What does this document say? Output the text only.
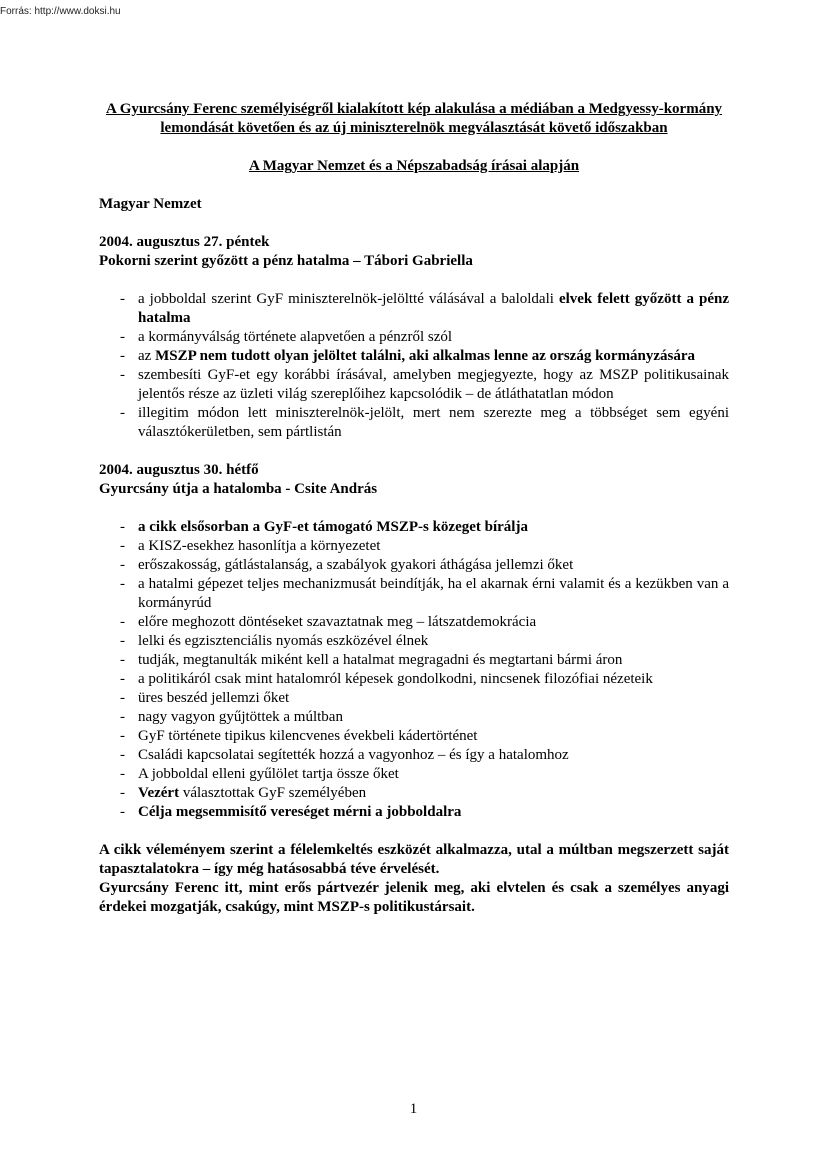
Forrás: http://www.doksi.hu
A Gyurcsány Ferenc személyiségről kialakított kép alakulása a médiában a Medgyessy-kormány lemondását követően és az új miniszterelnök megválasztását követő időszakban
A Magyar Nemzet és a Népszabadság írásai alapján
Magyar Nemzet
2004. augusztus 27. péntek
Pokorni szerint győzött a pénz hatalma – Tábori Gabriella
- a jobboldal szerint GyF miniszterelnök-jelöltté válásával a baloldali elvek felett győzött a pénz hatalma
- a kormányválság története alapvetően a pénzről szól
- az MSZP nem tudott olyan jelöltet találni, aki alkalmas lenne az ország kormányzására
- szembesíti GyF-et egy korábbi írásával, amelyben megjegyezte, hogy az MSZP politikusainak jelentős része az üzleti világ szereplőihez kapcsolódik – de átláthatatlan módon
- illegitim módon lett miniszterelnök-jelölt, mert nem szerezte meg a többséget sem egyéni választókerületben, sem pártlistán
2004. augusztus 30. hétfő
Gyurcsány útja a hatalomba - Csite András
- a cikk elsősorban a GyF-et támogató MSZP-s közeget bírálja
- a KISZ-esekhez hasonlítja a környezetet
- erőszakosság, gátlástalanság, a szabályok gyakori áthágása jellemzi őket
- a hatalmi gépezet teljes mechanizmusát beindítják, ha el akarnak érni valamit és a kezükben van a kormányrúd
- előre meghozott döntéseket szavaztatnak meg – látszatdemokrácia
- lelki és egzisztenciális nyomás eszközével élnek
- tudják, megtanulták miként kell a hatalmat megragadni és megtartani bármi áron
- a politikáról csak mint hatalomról képesek gondolkodni, nincsenek filozófiai nézeteik
- üres beszéd jellemzi őket
- nagy vagyon gyűjtöttek a múltban
- GyF története tipikus kilencvenes évekbeli kádertörténet
- Családi kapcsolatai segítették hozzá a vagyonhoz – és így a hatalomhoz
- A jobboldal elleni gyűlölet tartja össze őket
- Vezért választottak GyF személyében
- Célja megsemmisítő vereséget mérni a jobboldalra
A cikk véleményem szerint a félelemkeltés eszközét alkalmazza, utal a múltban megszerzett saját tapasztalatokra – így még hatásosabbá téve érvelését.
Gyurcsány Ferenc itt, mint erős pártvezér jelenik meg, aki elvtelen és csak a személyes anyagi érdekei mozgatják, csakúgy, mint MSZP-s politikustársait.
1
